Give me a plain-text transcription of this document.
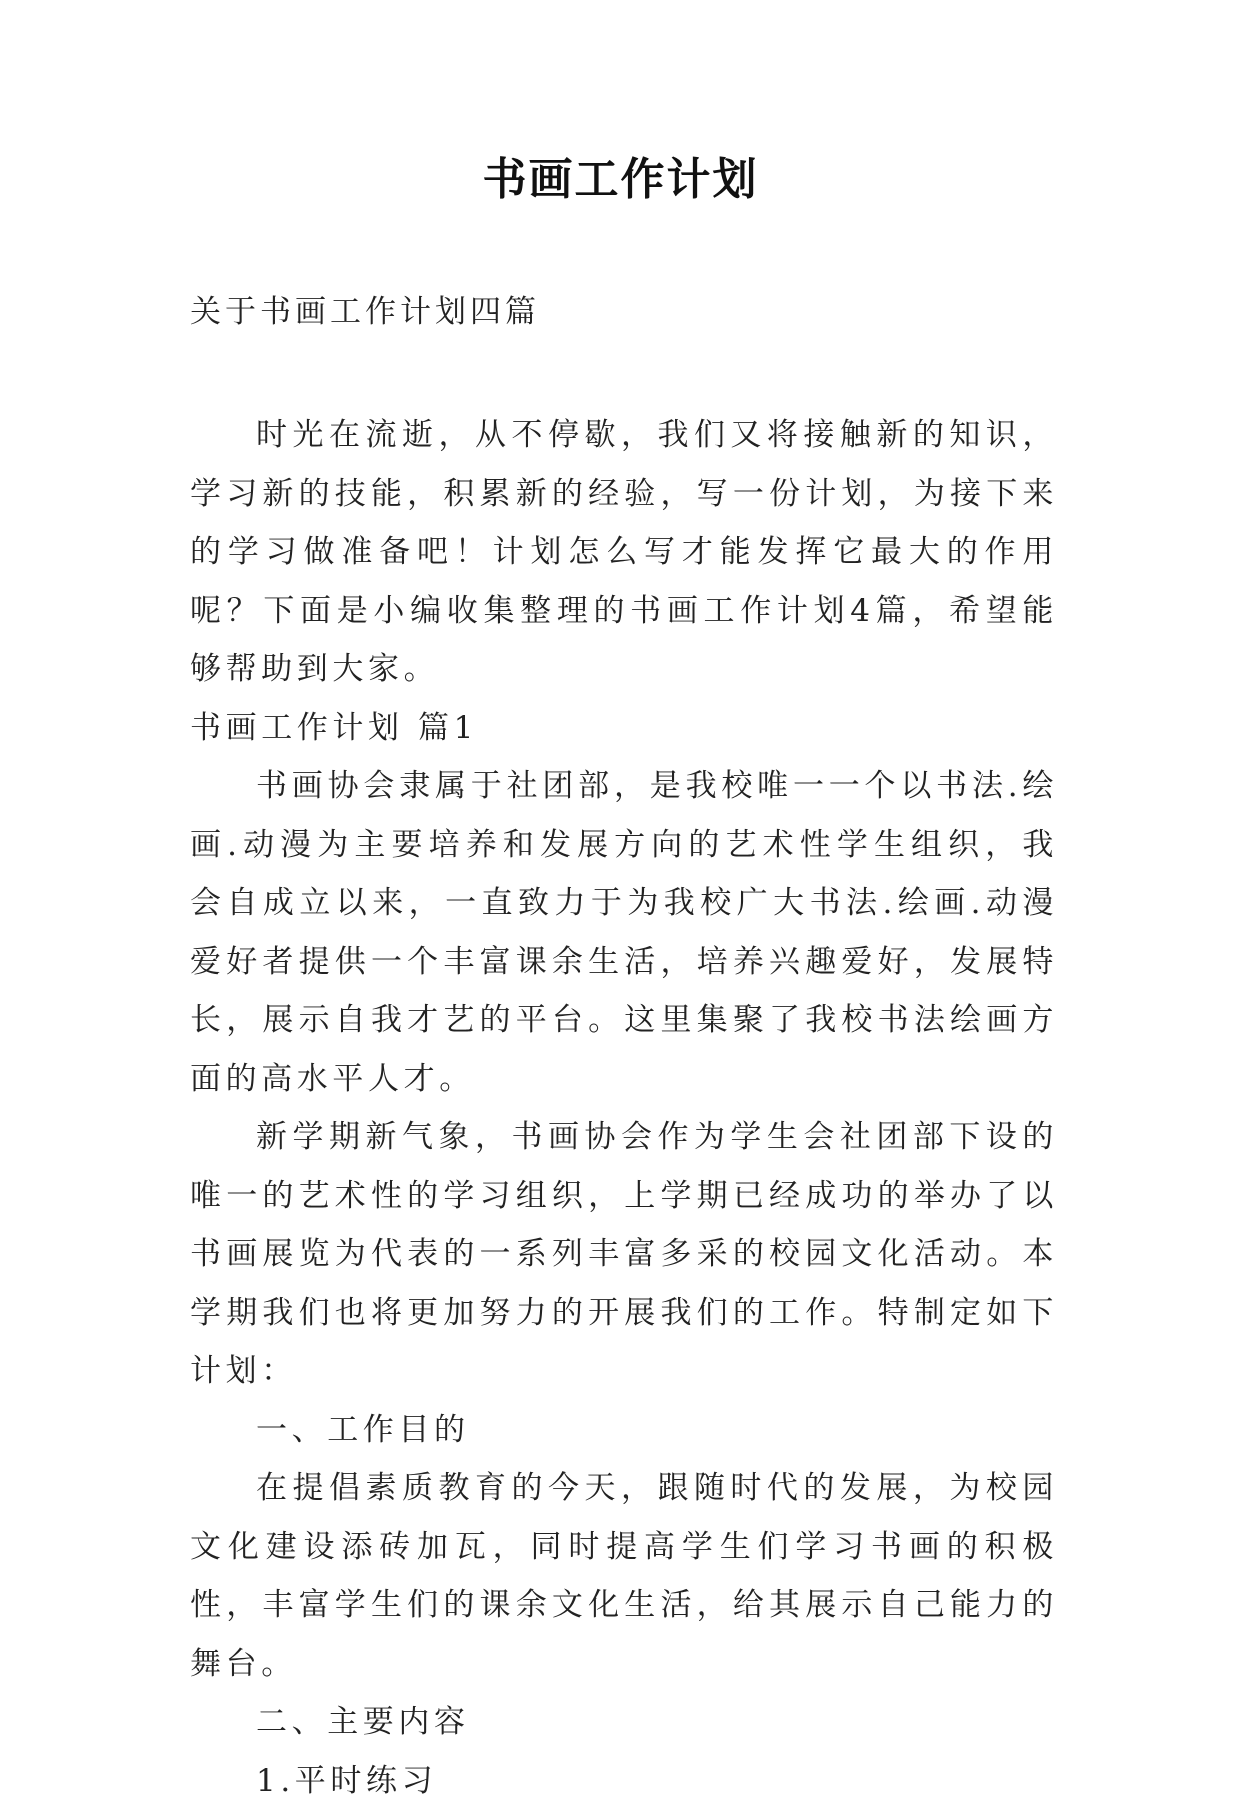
书画工作计划
关于书画工作计划四篇

时光在流逝，从不停歇，我们又将接触新的知识，学习新的技能，积累新的经验，写一份计划，为接下来的学习做准备吧！计划怎么写才能发挥它最大的作用呢？下面是小编收集整理的书画工作计划4篇，希望能够帮助到大家。

书画工作计划 篇1

书画协会隶属于社团部，是我校唯一一个以书法.绘画.动漫为主要培养和发展方向的艺术性学生组织，我会自成立以来，一直致力于为我校广大书法.绘画.动漫爱好者提供一个丰富课余生活，培养兴趣爱好，发展特长，展示自我才艺的平台。这里集聚了我校书法绘画方面的高水平人才。

新学期新气象，书画协会作为学生会社团部下设的唯一的艺术性的学习组织，上学期已经成功的举办了以书画展览为代表的一系列丰富多采的校园文化活动。本学期我们也将更加努力的开展我们的工作。特制定如下计划：

一、工作目的

在提倡素质教育的今天，跟随时代的发展，为校园文化建设添砖加瓦，同时提高学生们学习书画的积极性，丰富学生们的课余文化生活，给其展示自己能力的舞台。

二、主要内容

1.平时练习
